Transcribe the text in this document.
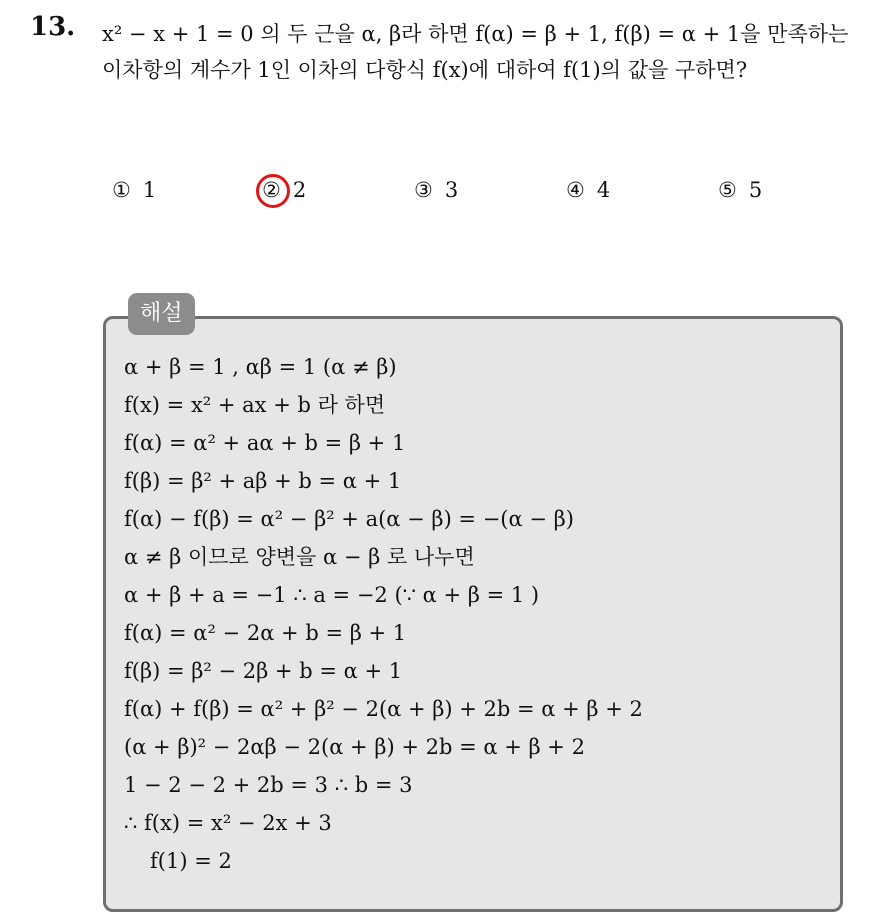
13. x² − x + 1 = 0 의 두 근을 α, β라 하면 f(α) = β + 1, f(β) = α + 1을 만족하는 이차항의 계수가 1인 이차의 다항식 f(x)에 대하여 f(1)의 값을 구하면?
① 1	② 2	③ 3	④ 4	⑤ 5
해설
α + β = 1 , αβ = 1 (α ≠ β)
f(x) = x² + ax + b 라 하면
f(α) = α² + aα + b = β + 1
f(β) = β² + aβ + b = α + 1
f(α) − f(β) = α² − β² + a(α − β) = −(α − β)
α ≠ β 이므로 양변을 α − β 로 나누면
α + β + a = −1 ∴ a = −2 (∵ α + β = 1 )
f(α) = α² − 2α + b = β + 1
f(β) = β² − 2β + b = α + 1
f(α) + f(β) = α² + β² − 2(α + β) + 2b = α + β + 2
(α + β)² − 2αβ − 2(α + β) + 2b = α + β + 2
1 − 2 − 2 + 2b = 3 ∴ b = 3
∴ f(x) = x² − 2x + 3
f(1) = 2
